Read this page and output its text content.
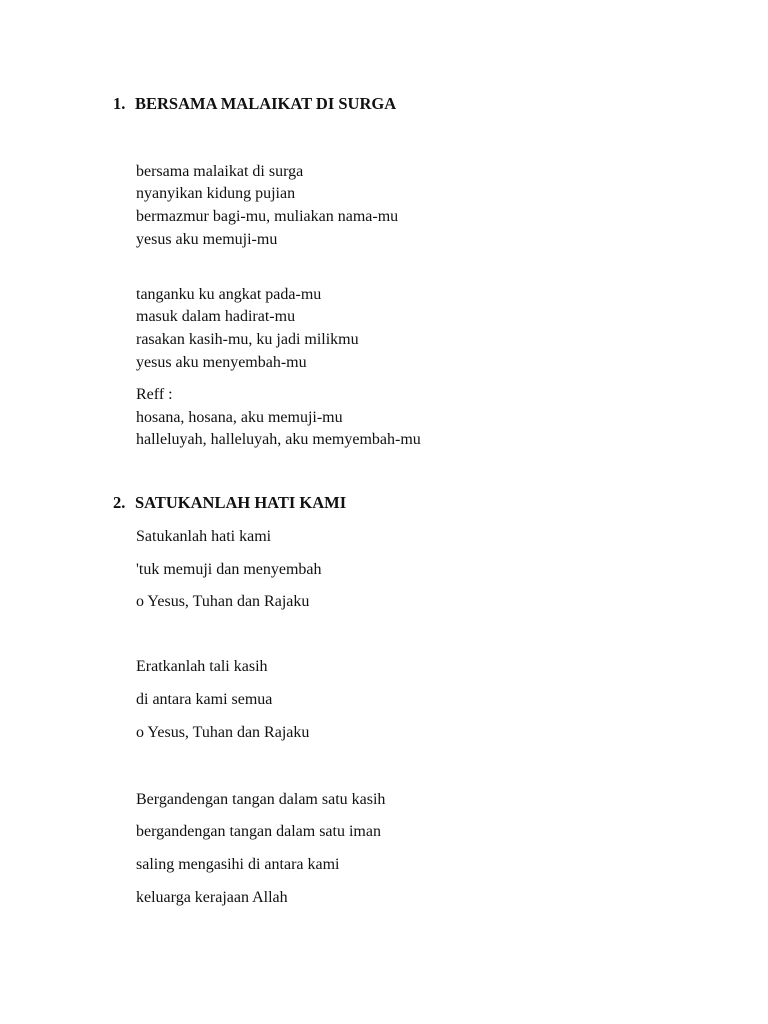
1. BERSAMA MALAIKAT DI SURGA
bersama malaikat di surga
nyanyikan kidung pujian
bermazmur bagi-mu, muliakan nama-mu
yesus aku memuji-mu
tanganku ku angkat pada-mu
masuk dalam hadirat-mu
rasakan kasih-mu, ku jadi milikmu
yesus aku menyembah-mu
Reff :
hosana, hosana, aku memuji-mu
halleluyah, halleluyah, aku memyembah-mu
2. SATUKANLAH HATI KAMI
Satukanlah hati kami
'tuk memuji dan menyembah
o Yesus, Tuhan dan Rajaku
Eratkanlah tali kasih
di antara kami semua
o Yesus, Tuhan dan Rajaku
Bergandengan tangan dalam satu kasih
bergandengan tangan dalam satu iman
saling mengasihi di antara kami
keluarga kerajaan Allah
